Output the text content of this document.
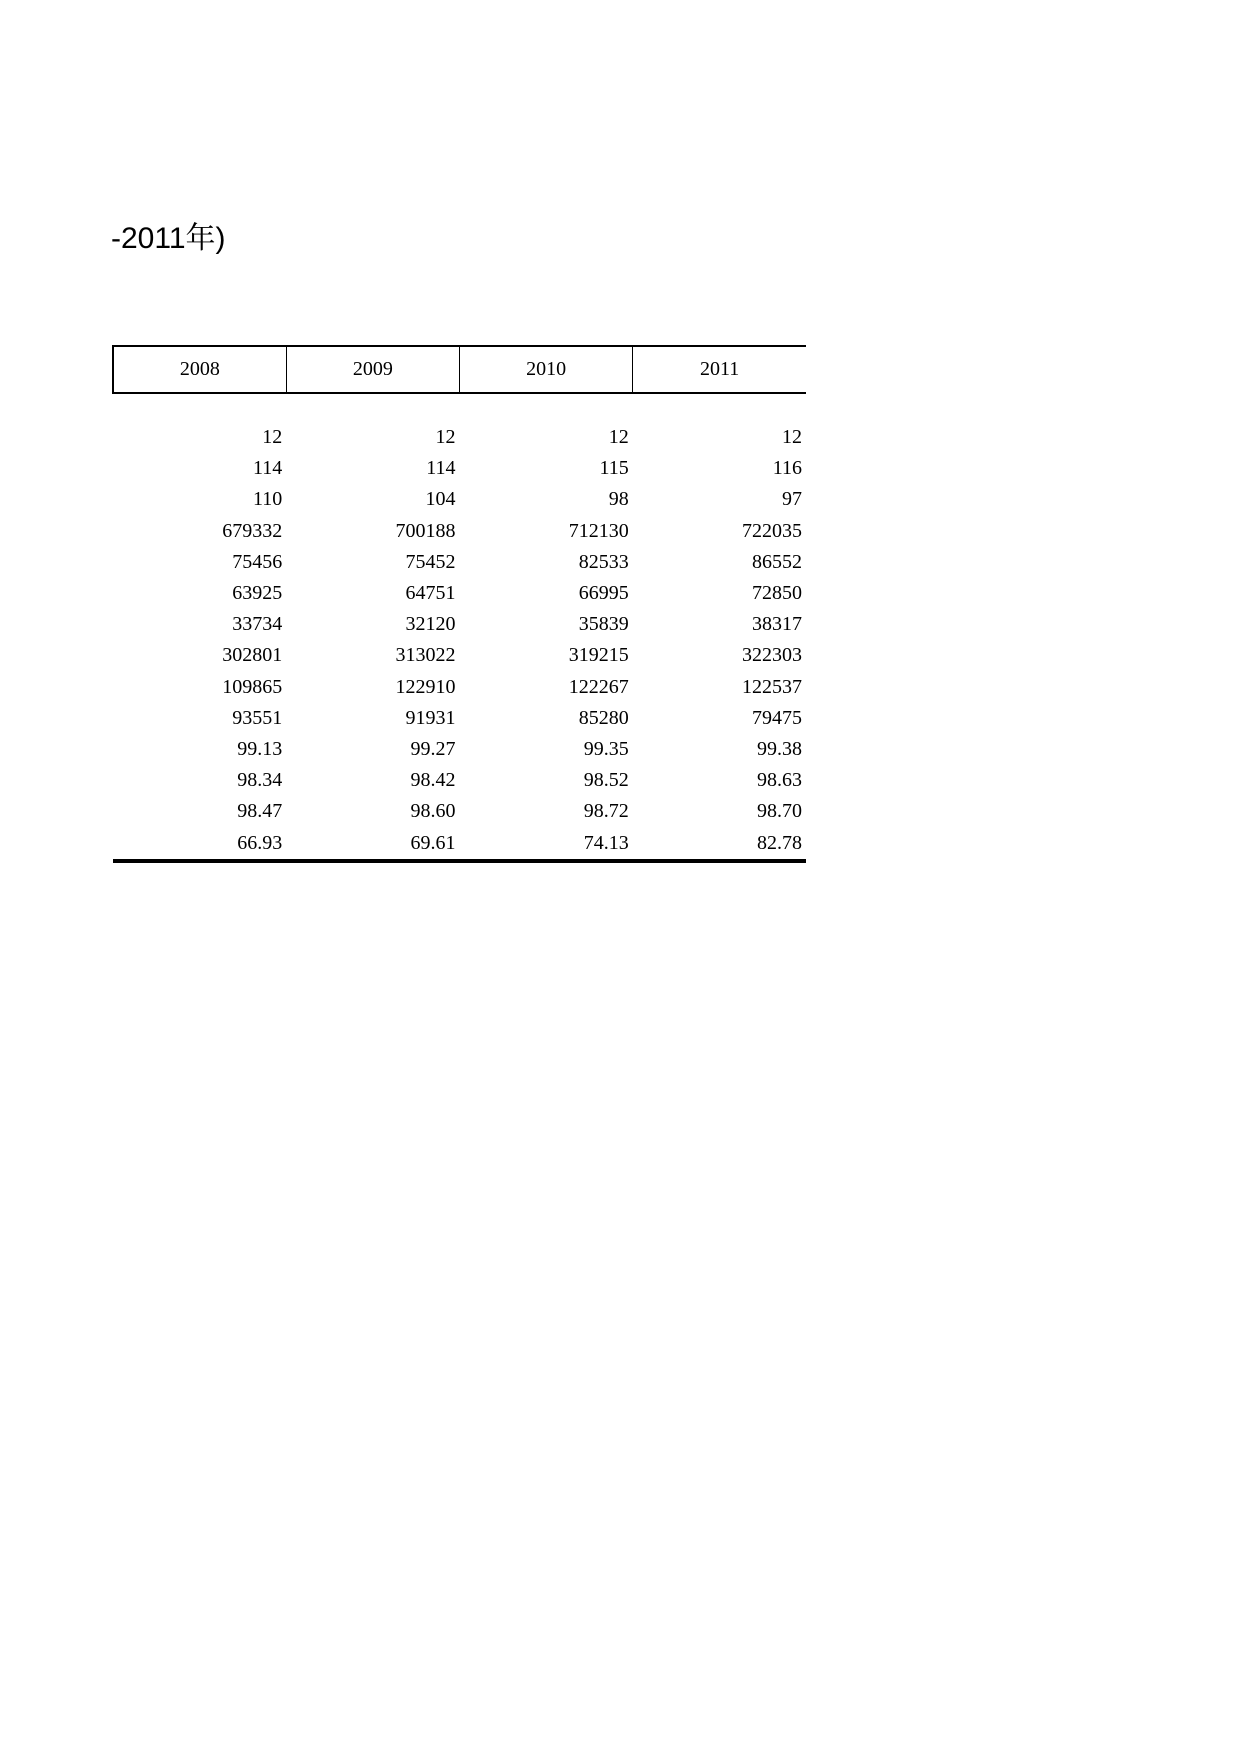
-2011年)
2008	2009	2010	2011

12	12	12	12
114	114	115	116
110	104	98	97
679332	700188	712130	722035
75456	75452	82533	86552
63925	64751	66995	72850
33734	32120	35839	38317
302801	313022	319215	322303
109865	122910	122267	122537
93551	91931	85280	79475
99.13	99.27	99.35	99.38
98.34	98.42	98.52	98.63
98.47	98.60	98.72	98.70
66.93	69.61	74.13	82.78
